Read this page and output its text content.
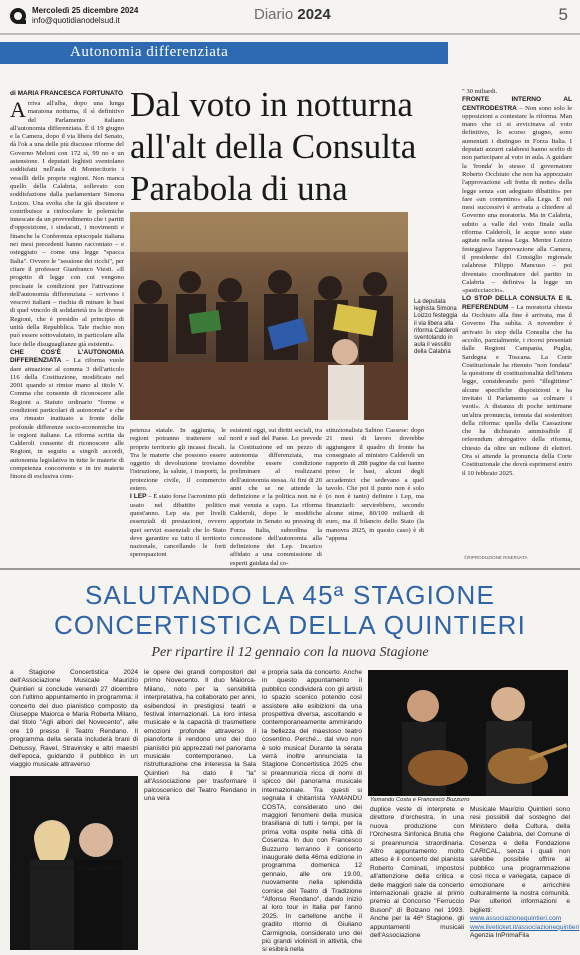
Mercoledì 25 dicembre 2024
info@quotidianodelsud.it	Diario 2024	5
Autonomia differenziata
di MARIA FRANCESCA FORTUNATO Dal voto in notturna
all'alt della Consulta
Parabola di una
Arriva all'alba, dopo una lunga maratona notturna, il sì definitivo del Parlamento italiano all'autonomia differenziata. È il 19 giugno e la Camera, dopo il via libera del Senato, dà l'ok a una delle più discusse riforme del Governo Meloni con 172 sì, 99 no e un astensione. I deputati leghisti sventolano soddisfatti nell'aula di Montecitorio i vessilli delle proprie regioni. Non manca quello della Calabria, sollevato con soddisfazione dalla parlamentare Simona Loizzo. Una svolta che fa già discutere e contribuisce a rinfocolare le polemiche innescate da un provvedimento che i partiti d'opposizione, i sindacati, i movimenti e finanche la Conferenza episcopale italiana nei mesi precedenti hanno raccontato – e osteggiato – come una legge "spacca Italia". Ovvero le "sessione dei ricchi", per citare il professor Gianfranco Viesti. «Il progetto di legge con cui vengono precisate le condizioni per l'attivazione dell'autonomia differenziata – scrivono i vescovi italiani – rischia di minare le basi di quel vincolo di solidarietà tra le diverse Regioni, che è presidio al principio di unità della Repubblica. Tale rischio non può essere sottovalutato, in particolare alla luce delle disuguaglianze già esistenti».
CHE COS'È L'AUTONOMIA DIFFERENZIATA – La riforma vuole dare attuazione al comma 3 dell'articolo 116 della Costituzione, modificato nel 2001 quando si rimise mano al titolo V. Comma che consente di riconoscere alle Regioni a Statuto ordinario "forme e condizioni particolari di autonomia" e che era rimasto inattuato a fronte delle profonde differenze socio-economiche tra le regioni italiane. La riforma scritta da Calderoli consente di riconoscere alle Regioni, in seguito a singoli accordi, autonomia legislativa in tutte le materie di competenza concorrente e in tre materie finora di esclusiva com-
La deputata leghista Simona Loizzo festeggia il via libera alla riforma Calderoli sventolando in aula il vessillo della Calabria
petenza statale. In aggiunta, le regioni potranno trattenere sul proprio territorio gli incassi fiscali. Tra le materie che possono essere oggetto di devoluzione troviamo l'istruzione, la salute, i trasporti, la protezione civile, il commercio estero.
I LEP – È stato forse l'acronimo più usato nel dibattito politico quest'anno. Lep sta per livelli essenziali di prestazioni, ovvero quei servizi essenziali che lo Stato deve garantire su tutto il territorio nazionale, cancellando le forti sperequazioni
esistenti oggi, sui diritti sociali, tra nord e sud del Paese. Lo prevede la Costituzione ed un pezzo di autonomia differenziata, ma dovrebbe essere condizione preliminare al realizzarsi dell'autonomia stessa. Ai fini di 20 anni che se ne attende la definizione e la politica non ne è mai venuta a capo. La riforma Calderoli, dopo le modifiche apportate in Senato su pressing di Forza Italia, subordina la concessione dell'autonomia alla definizione dei Lep. Incarico affidato a una commissione di esperti guidata dal co-
stituzionalista Sabino Cassese: dopo 21 mesi di lavoro dovrebbe aggiungere il quadro di fronte ha consegnato al ministro Calderoli un rapporto di 288 pagine da cui hanno preso le basi, alcuni degli accademici che sedevano a quel tavolo. Che poi il punto non è solo (o non è tanto) definire i Lep, ma finanziarli: servirebbero, secondo alcune stime, 80/100 miliardi di euro, ma il bilancio dello Stato (la manovra 2025, in questo caso) è di "appena
" 30 miliardi.
FRONTE INTERNO AL CENTRODESTRA – Non sono solo le opposizioni a contestare la riforma. Man mano che ci si avvicinava al voto definitivo, lo scorso giugno, sono aumentati i distinguo in Forza Italia. I deputati azzurri calabresi hanno scelto di non partecipare al voto in aula. A guidare la 'fronda' lo stesso il governatore Roberto Occhiuto che non ha apprezzato l'approvazione «di fretta di notte» della legge senza «un adeguato dibattito» per fare «un contentino» alla Lega. E nei mesi successivi è arrivata a chiedere al Governo una moratoria. Ma in Calabria, subito a valle del voto finale sulla riforma Calderoli, le acque sono state agitate nella stessa Lega. Mentre Loizzo festeggiava l'approvazione alla Camera, il presidente del Consiglio regionale calabrese Filippo Mancuso – poi diventato coordinatore del partito in Calabria – definiva la legge un «pasticciaccio».
LO STOP DELLA CONSULTA E IL REFERENDUM – La moratoria chiesta da Occhiuto alla fine è arrivata, ma il Governo l'ha subìta. A novembre è arrivato lo stop della Consulta che ha accolto, parzialmente, i ricorsi presentati dalle Regioni Campania, Puglia, Sardegna e Toscana. La Corte Costituzionale ha ritenuto "non fondata" la questione di costituzionalità dell'intera legge, considerando però "illegittime" alcune specifiche disposizioni e ha invitato il Parlamento «a colmare i vuoti». A distanza di poche settimane un'altra pronuncia, temuta dai sostenitori della riforma: quella della Cassazione che ha dichiarato ammissibile il referendum abrogativo della riforma, chiesto da oltre un milione di elettori. Ora si attende la pronuncia della Corte Costituzionale che dovrà esprimersi entro il 10 febbraio 2025.
©RIPRODUZIONE RISERVATA
SALUTANDO LA 45ª STAGIONE
CONCERTISTICA DELLA QUINTIERI
Per ripartire il 12 gennaio con la nuova Stagione
Maria Roberta Milano e Giuseppe Maiorca
le opere dei grandi compositori del primo Novecento. Il duo Maiorca-Milano, noto per la sensibilità interpretativa, ha collaborato per anni, esibendosi in prestigiosi teatri e festival internazionali. La loro intesa musicale e la capacità di trasmettere emozioni profonde attraverso il pianoforte li rendono uno dei duo pianistici più apprezzati nel panorama musicale contemporaneo. La ristrutturazione che interessa la Sala Quintieri ha dato il "la" all'Associazione per trasformare il palcoscenico del Teatro Rendano in una vera
e propria sala da concerto. Anche in questo appuntamento il pubblico condividerà con gli artisti lo spazio scenico potendo così assistere alle esibizioni da una prospettiva diversa, ascoltando e contemporaneamente ammirando la bellezza del maestoso teatro cosentino. Perché... dal vivo non è solo musica! Durante la serata verrà inoltre annunciata la Stagione Concertistica 2025 che si preannuncia ricca di nomi di spicco del panorama musicale internazionale. Tra questi si segnala il chitarrista YAMANDU COSTA, considerato uno dei maggiori fenomeni della musica brasiliana di tutti i tempi, per la prima volta ospite nella città di Cosenza. In duo con Francesco Buzzurro terranno il concerto inaugurale della 46ma edizione in programma domenica 12 gennaio, alle ore 19.00, nuovamente nella splendida cornice del Teatro di Tradizione "Alfonso Rendano", dando inizio al loro tour in Italia per l'anno 2025. In cartellone anche il gradito ritorno di Giuliano Carmignola, considerato uno dei più grandi violinisti in attività, che si esibirà nella
Yamandu Costa e Francesco Buzzurro
duplice veste di interprete e direttore d'orchestra, in una nuova produzione con l'Orchestra Sinfonica Brutia che si preannuncia straordinaria. Altro appuntamento molto atteso è il concerto del pianista Roberto Cominati, impostosi all'attenzione della critica e delle maggiori sale da concerto internazionali grazie al primo premio al Concorso "Ferruccio Busoni" di Bolzano nel 1993. Anche per la 46ª Stagione, gli appuntamenti musicali dell'Associazione
Musicale Maurizio Quintieri sono resi possibili dal sostegno del Ministero della Cultura, della Regione Calabria, del Comune di Cosenza e della Fondazione CARICAL, senza i quali non sarebbe possibile offrire al pubblico una programmazione così ricca e variegata, capace di emozionare e arricchire culturalmente la nostra comunità. Per ulteriori informazioni e biglietti:
www.associazionequintieri.com
www.liveticket.it/associazionequintieri
Agenzia InPrimaFila
a Stagione Concertistica 2024 dell'Associazione Musicale Maurizio Quintieri si conclude venerdì 27 dicembre con l'ultimo appuntamento in programma: il concerto del duo pianistico composto da Giuseppe Maiorca e Maria Roberta Milano, dal titolo "Agli albori del Novecento", alle ore 19 presso il Teatro Rendano. Il programma della serata includerà brani di Debussy, Ravel, Stravinsky e altri maestri dell'epoca, guidando il pubblico in un viaggio musicale attraverso
